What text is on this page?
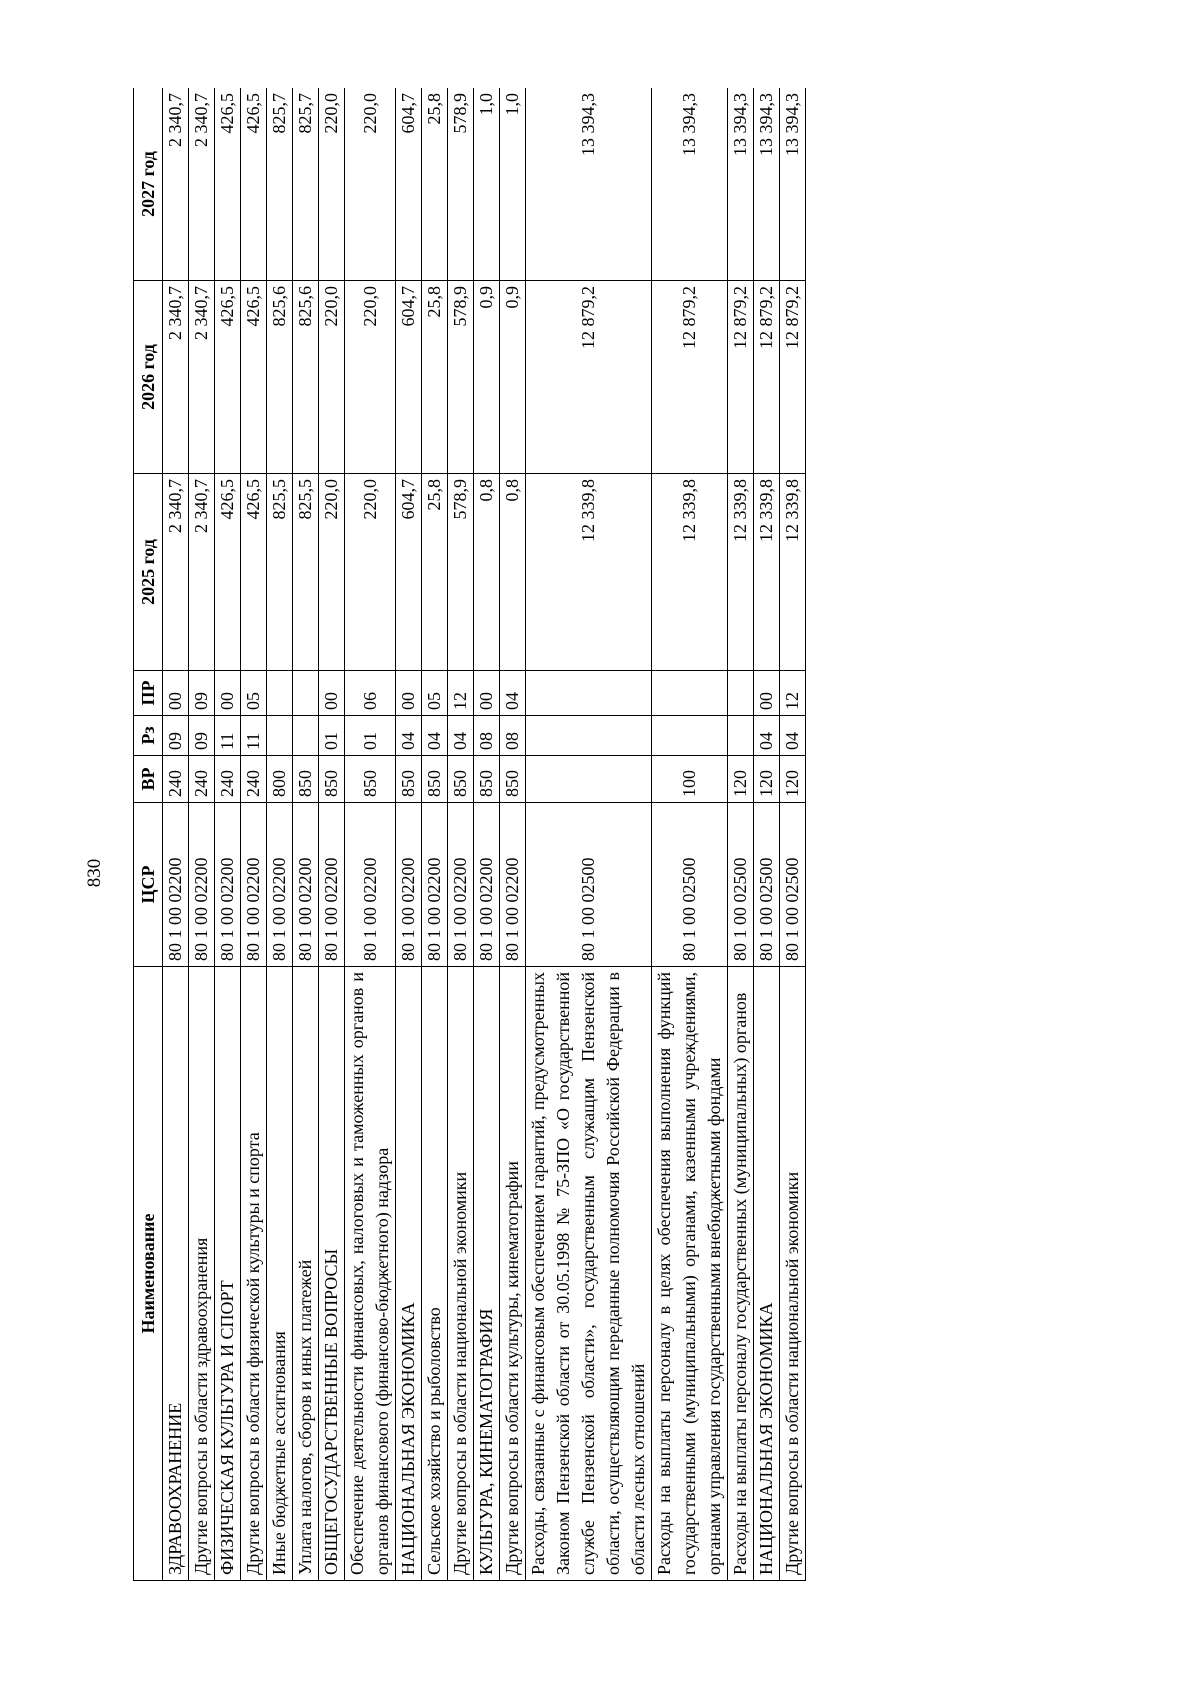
830
Наименование	ЦСР	ВР	Рз	ПР	2025 год	2026 год	2027 год
ЗДРАВООХРАНЕНИЕ	80 1 00 02200	240	09	00	2 340,7	2 340,7	2 340,7
Другие вопросы в области здравоохранения	80 1 00 02200	240	09	09	2 340,7	2 340,7	2 340,7
ФИЗИЧЕСКАЯ КУЛЬТУРА И СПОРТ	80 1 00 02200	240	11	00	426,5	426,5	426,5
Другие вопросы в области физической культуры и спорта	80 1 00 02200	240	11	05	426,5	426,5	426,5
Иные бюджетные ассигнования	80 1 00 02200	800			825,5	825,6	825,7
Уплата налогов, сборов и иных платежей	80 1 00 02200	850			825,5	825,6	825,7
ОБЩЕГОСУДАРСТВЕННЫЕ ВОПРОСЫ	80 1 00 02200	850	01	00	220,0	220,0	220,0
Обеспечение деятельности финансовых, налоговых и таможенных органов и органов финансового (финансово-бюджетного) надзора	80 1 00 02200	850	01	06	220,0	220,0	220,0
НАЦИОНАЛЬНАЯ ЭКОНОМИКА	80 1 00 02200	850	04	00	604,7	604,7	604,7
Сельское хозяйство и рыболовство	80 1 00 02200	850	04	05	25,8	25,8	25,8
Другие вопросы в области национальной экономики	80 1 00 02200	850	04	12	578,9	578,9	578,9
КУЛЬТУРА, КИНЕМАТОГРАФИЯ	80 1 00 02200	850	08	00	0,8	0,9	1,0
Другие вопросы в области культуры, кинематографии	80 1 00 02200	850	08	04	0,8	0,9	1,0
Расходы, связанные с финансовым обеспечением гарантий, предусмотренных Законом Пензенской области от 30.05.1998 № 75-ЗПО «О государственной службе Пензенской области», государственным служащим Пензенской области, осуществляющим переданные полномочия Российской Федерации в области лесных отношений	80 1 00 02500				12 339,8	12 879,2	13 394,3
Расходы на выплаты персоналу в целях обеспечения выполнения функций государственными (муниципальными) органами, казенными учреждениями, органами управления государственными внебюджетными фондами	80 1 00 02500	100			12 339,8	12 879,2	13 394,3
Расходы на выплаты персоналу государственных (муниципальных) органов	80 1 00 02500	120			12 339,8	12 879,2	13 394,3
НАЦИОНАЛЬНАЯ ЭКОНОМИКА	80 1 00 02500	120	04	00	12 339,8	12 879,2	13 394,3
Другие вопросы в области национальной экономики	80 1 00 02500	120	04	12	12 339,8	12 879,2	13 394,3
